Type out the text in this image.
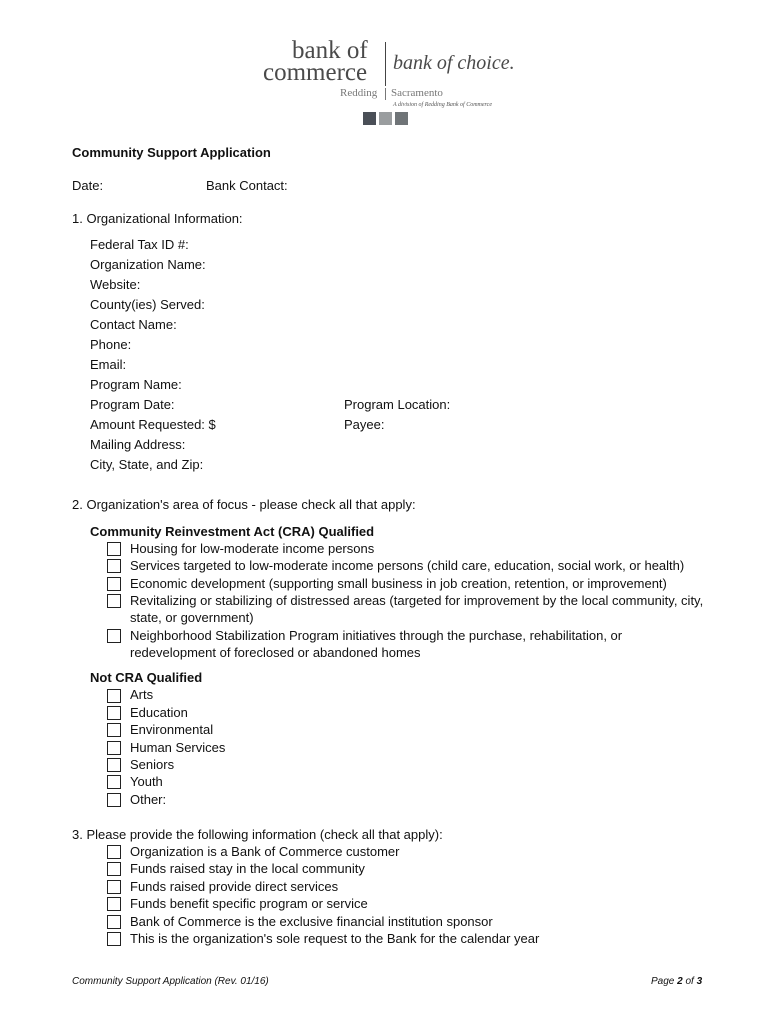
bank of
commerce bank of choice.
Redding Sacramento
A division of Redding Bank of Commerce
Community Support Application
Date:	Bank Contact:
1. Organizational Information:
Federal Tax ID #:
Organization Name:
Website:
County(ies) Served:
Contact Name:
Phone:
Email:
Program Name:
Program Date:	Program Location:
Amount Requested: $	Payee:
Mailing Address:
City, State, and Zip:
2. Organization's area of focus - please check all that apply:
Community Reinvestment Act (CRA) Qualified
Housing for low-moderate income persons
Services targeted to low-moderate income persons (child care, education, social work, or health)
Economic development (supporting small business in job creation, retention, or improvement)
Revitalizing or stabilizing of distressed areas (targeted for improvement by the local community, city,
state, or government)
Neighborhood Stabilization Program initiatives through the purchase, rehabilitation, or
redevelopment of foreclosed or abandoned homes
Not CRA Qualified
Arts
Education
Environmental
Human Services
Seniors
Youth
Other:
3. Please provide the following information (check all that apply):
Organization is a Bank of Commerce customer
Funds raised stay in the local community
Funds raised provide direct services
Funds benefit specific program or service
Bank of Commerce is the exclusive financial institution sponsor
This is the organization's sole request to the Bank for the calendar year
Community Support Application (Rev. 01/16)	Page 2 of 3
